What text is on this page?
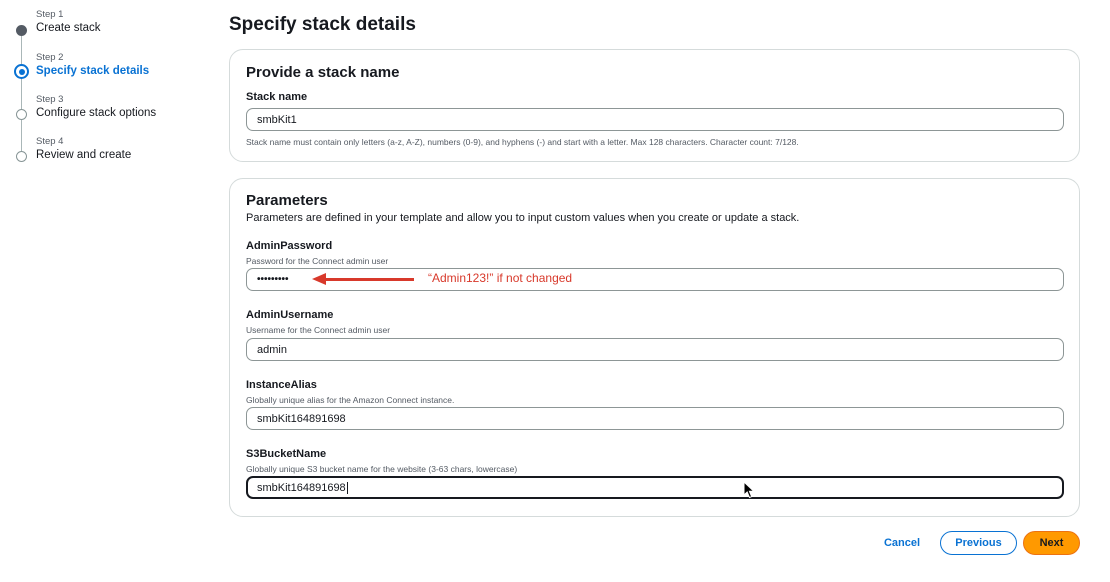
Step 1
Create stack
Step 2
Specify stack details
Step 3
Configure stack options
Step 4
Review and create
Specify stack details
Provide a stack name
Stack name
smbKit1

Stack name must contain only letters (a-z, A-Z), numbers (0-9), and hyphens (-) and start with a letter. Max 128 characters. Character count: 7/128.

Parameters

Parameters are defined in your template and allow you to input custom values when you create or update a stack.

AdminPassword

Password for the Connect admin user

•••••••••
AdminUsername

Username for the Connect admin user

admin
InstanceAlias

Globally unique alias for the Amazon Connect instance.

smbKit164891698
S3BucketName

Globally unique S3 bucket name for the website (3-63 chars, lowercase)

smbKit164891698
“Admin123!” if not changed
Cancel	Previous	Next
